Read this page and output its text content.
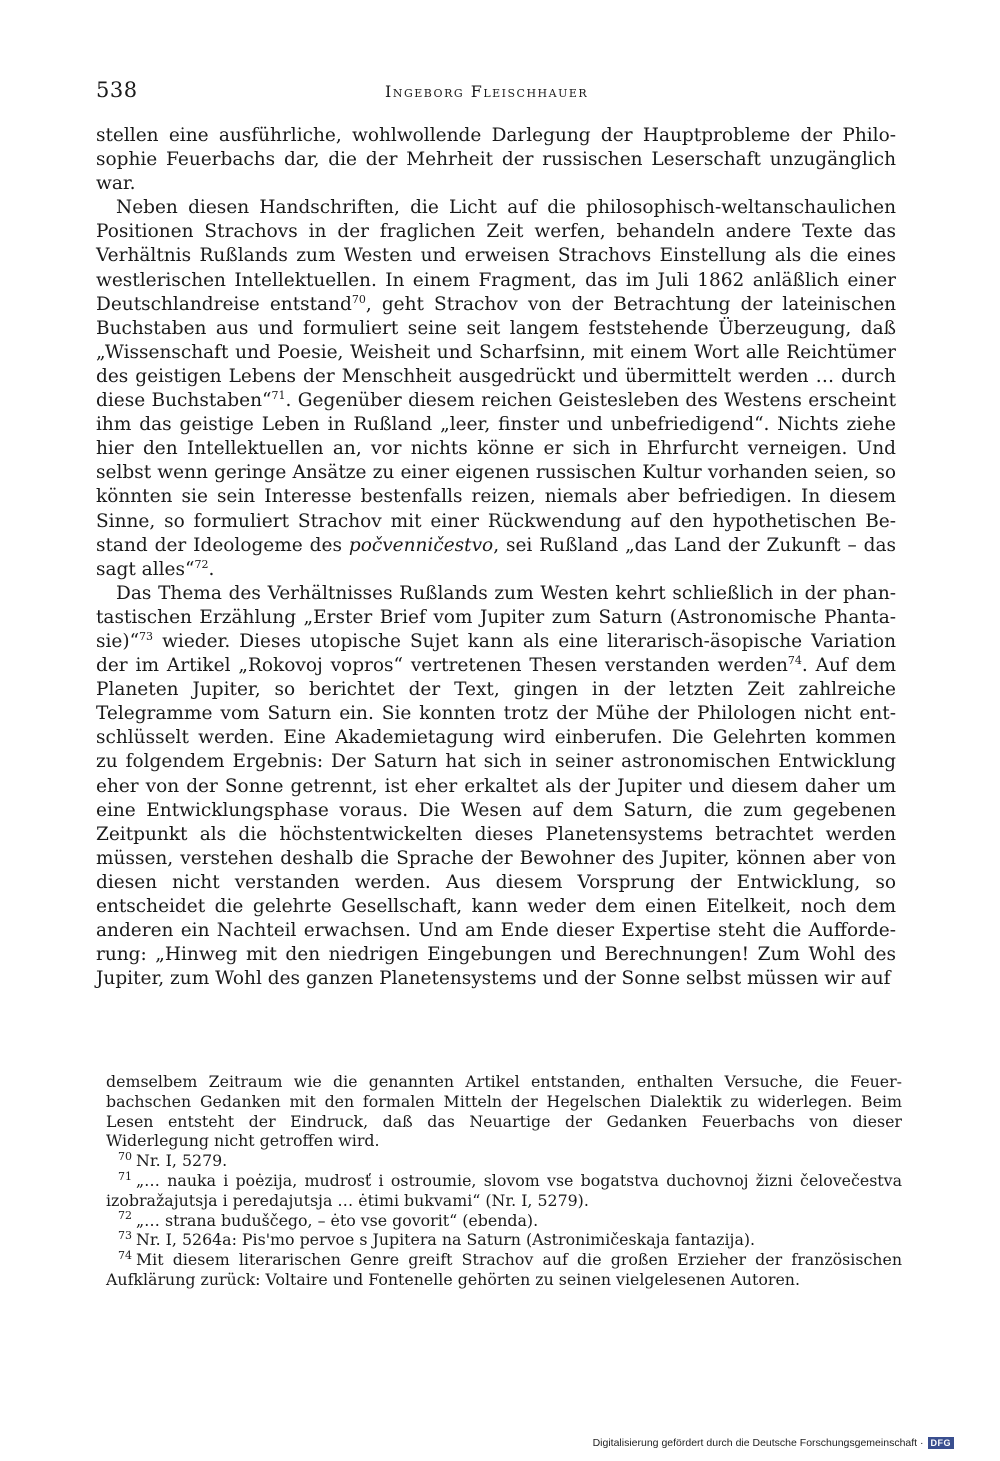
538	Ingeborg Fleischhauer

stellen eine ausführliche, wohlwollende Darlegung der Hauptprobleme der Philosophie Feuerbachs dar, die der Mehrheit der russischen Leserschaft unzugänglich war.

Neben diesen Handschriften, die Licht auf die philosophisch-weltanschaulichen Positionen Strachovs in der fraglichen Zeit werfen, behandeln andere Texte das Verhältnis Rußlands zum Westen und erweisen Strachovs Einstellung als die eines westlerischen Intellektuellen. In einem Fragment, das im Juli 1862 anläßlich einer Deutschlandreise entstand$^{70}$, geht Strachov von der Betrachtung der lateinischen Buchstaben aus und formuliert seine seit langem feststehende Überzeugung, daß „Wissenschaft und Poesie, Weisheit und Scharfsinn, mit einem Wort alle Reichtümer des geistigen Lebens der Menschheit ausgedrückt und übermittelt werden … durch diese Buchstaben“$^{71}$. Gegenüber diesem reichen Geistesleben des Westens erscheint ihm das geistige Leben in Rußland „leer, finster und unbefriedigend“. Nichts ziehe hier den Intellektuellen an, vor nichts könne er sich in Ehrfurcht verneigen. Und selbst wenn geringe Ansätze zu einer eigenen russischen Kultur vorhanden seien, so könnten sie sein Interesse bestenfalls reizen, niemals aber befriedigen. In diesem Sinne, so formuliert Strachov mit einer Rückwendung auf den hypothetischen Bestand der Ideologeme des počvenničestvo, sei Rußland „das Land der Zukunft – das sagt alles“$^{72}$.

Das Thema des Verhältnisses Rußlands zum Westen kehrt schließlich in der phantastischen Erzählung „Erster Brief vom Jupiter zum Saturn (Astronomische Phantasie)“$^{73}$ wieder. Dieses utopische Sujet kann als eine literarisch-äsopische Variation der im Artikel „Rokovoj vopros“ vertretenen Thesen verstanden werden$^{74}$. Auf dem Planeten Jupiter, so berichtet der Text, gingen in der letzten Zeit zahlreiche Telegramme vom Saturn ein. Sie konnten trotz der Mühe der Philologen nicht entschlüsselt werden. Eine Akademietagung wird einberufen. Die Gelehrten kommen zu folgendem Ergebnis: Der Saturn hat sich in seiner astronomischen Entwicklung eher von der Sonne getrennt, ist eher erkaltet als der Jupiter und diesem daher um eine Entwicklungsphase voraus. Die Wesen auf dem Saturn, die zum gegebenen Zeitpunkt als die höchstentwickelten dieses Planetensystems betrachtet werden müssen, verstehen deshalb die Sprache der Bewohner des Jupiter, können aber von diesen nicht verstanden werden. Aus diesem Vorsprung der Entwicklung, so entscheidet die gelehrte Gesellschaft, kann weder dem einen Eitelkeit, noch dem anderen ein Nachteil erwachsen. Und am Ende dieser Expertise steht die Aufforderung: „Hinweg mit den niedrigen Eingebungen und Berechnungen! Zum Wohl des Jupiter, zum Wohl des ganzen Planetensystems und der Sonne selbst müssen wir auf

demselbem Zeitraum wie die genannten Artikel entstanden, enthalten Versuche, die Feuerbachschen Gedanken mit den formalen Mitteln der Hegelschen Dialektik zu widerlegen. Beim Lesen entsteht der Eindruck, daß das Neuartige der Gedanken Feuerbachs von dieser Widerlegung nicht getroffen wird.

$^{70}$ Nr. I, 5279.

$^{71}$ „… nauka i poėzija, mudrosť i ostroumie, slovom vse bogatstva duchovnoj žizni čelovečestva izobražajutsja i peredajutsja … ėtimi bukvami“ (Nr. I, 5279).

$^{72}$ „… strana buduščego, – ėto vse govorit“ (ebenda).

$^{73}$ Nr. I, 5264a: Pis'mo pervoe s Jupitera na Saturn (Astronimičeskaja fantazija).

$^{74}$ Mit diesem literarischen Genre greift Strachov auf die großen Erzieher der französischen Aufklärung zurück: Voltaire und Fontenelle gehörten zu seinen vielgelesenen Autoren.

Digitalisierung gefördert durch die Deutsche Forschungsgemeinschaft · DFG
